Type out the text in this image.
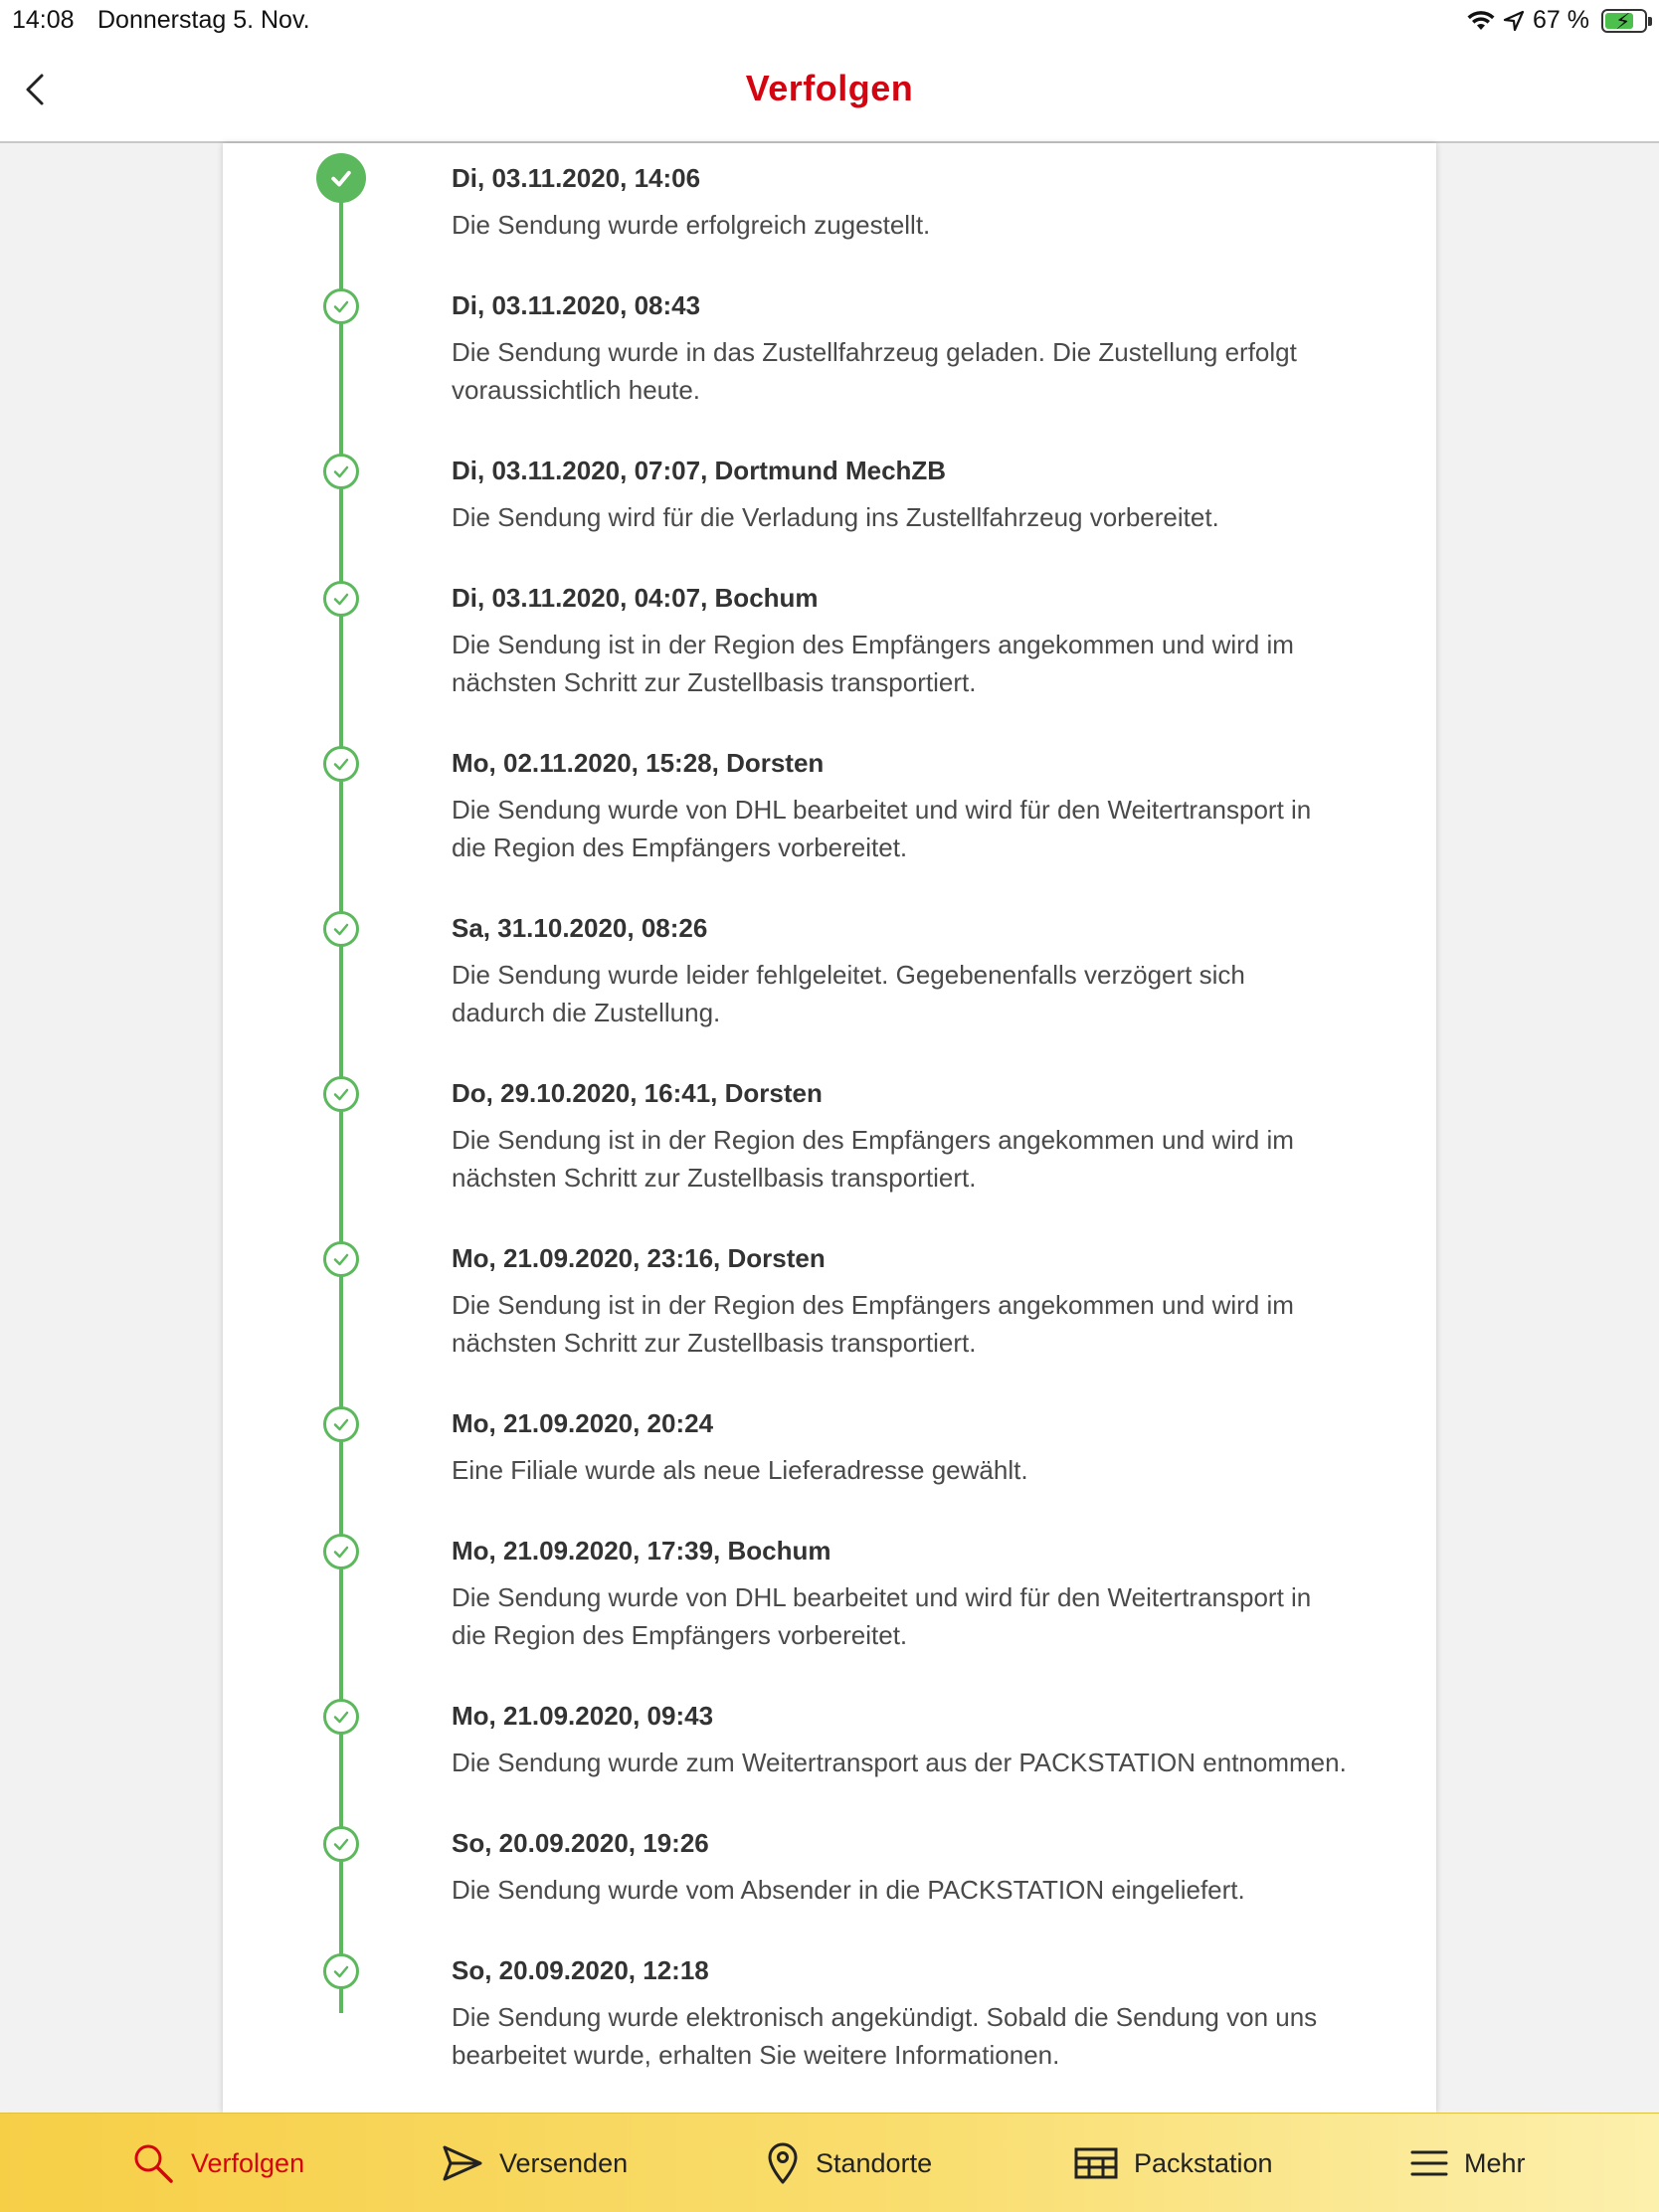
14:08 Donnerstag 5. Nov.	67 % ⚡
Verfolgen
Di, 03.11.2020, 14:06
Die Sendung wurde erfolgreich zugestellt.
Di, 03.11.2020, 08:43
Die Sendung wurde in das Zustellfahrzeug geladen. Die Zustellung erfolgt
voraussichtlich heute.
Di, 03.11.2020, 07:07, Dortmund MechZB
Die Sendung wird für die Verladung ins Zustellfahrzeug vorbereitet.
Di, 03.11.2020, 04:07, Bochum
Die Sendung ist in der Region des Empfängers angekommen und wird im
nächsten Schritt zur Zustellbasis transportiert.
Mo, 02.11.2020, 15:28, Dorsten
Die Sendung wurde von DHL bearbeitet und wird für den Weitertransport in
die Region des Empfängers vorbereitet.
Sa, 31.10.2020, 08:26
Die Sendung wurde leider fehlgeleitet. Gegebenenfalls verzögert sich
dadurch die Zustellung.
Do, 29.10.2020, 16:41, Dorsten
Die Sendung ist in der Region des Empfängers angekommen und wird im
nächsten Schritt zur Zustellbasis transportiert.
Mo, 21.09.2020, 23:16, Dorsten
Die Sendung ist in der Region des Empfängers angekommen und wird im
nächsten Schritt zur Zustellbasis transportiert.
Mo, 21.09.2020, 20:24
Eine Filiale wurde als neue Lieferadresse gewählt.
Mo, 21.09.2020, 17:39, Bochum
Die Sendung wurde von DHL bearbeitet und wird für den Weitertransport in
die Region des Empfängers vorbereitet.
Mo, 21.09.2020, 09:43
Die Sendung wurde zum Weitertransport aus der PACKSTATION entnommen.
So, 20.09.2020, 19:26
Die Sendung wurde vom Absender in die PACKSTATION eingeliefert.
So, 20.09.2020, 12:18
Die Sendung wurde elektronisch angekündigt. Sobald die Sendung von uns
bearbeitet wurde, erhalten Sie weitere Informationen.
Verfolgen	Versenden	Standorte	Packstation	Mehr
